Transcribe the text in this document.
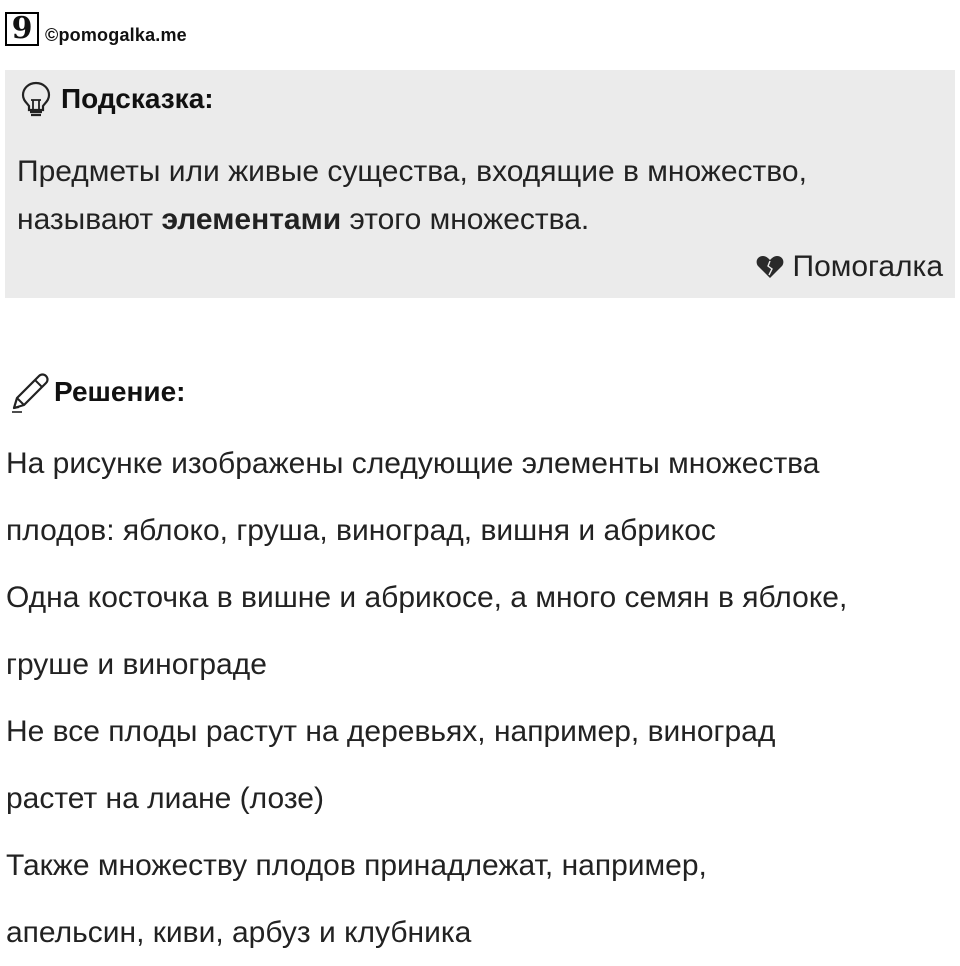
9 ©pomogalka.me
Подсказка:
Предметы или живые существа, входящие в множество, называют элементами этого множества.
Помогалка
Решение:
На рисунке изображены следующие элементы множества
плодов: яблоко, груша, виноград, вишня и абрикос
Одна косточка в вишне и абрикосе, а много семян в яблоке,
груше и винограде
Не все плоды растут на деревьях, например, виноград
растет на лиане (лозе)
Также множеству плодов принадлежат, например,
апельсин, киви, арбуз и клубника
